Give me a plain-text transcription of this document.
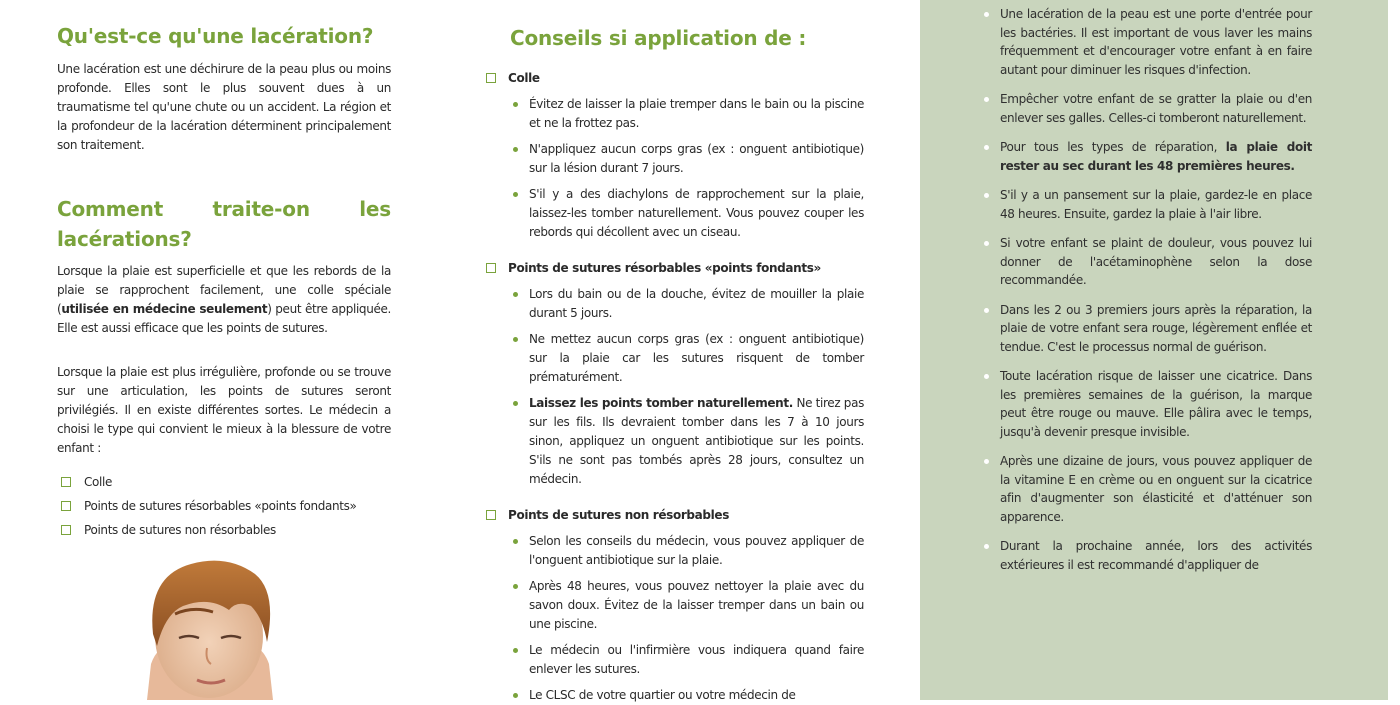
Qu'est-ce qu'une lacération?

Une lacération est une déchirure de la peau plus ou moins profonde. Elles sont le plus souvent dues à un traumatisme tel qu'une chute ou un accident. La région et la profondeur de la lacération déterminent principalement son traitement.

Comment traite-on les lacérations?

Lorsque la plaie est superficielle et que les rebords de la plaie se rapprochent facilement, une colle spéciale (utilisée en médecine seulement) peut être appliquée. Elle est aussi efficace que les points de sutures.

Lorsque la plaie est plus irrégulière, profonde ou se trouve sur une articulation, les points de sutures seront privilégiés. Il en existe différentes sortes. Le médecin a choisi le type qui convient le mieux à la blessure de votre enfant :

Colle
Points de sutures résorbables «points fondants»
Points de sutures non résorbables
Conseils si application de :
Colle
Évitez de laisser la plaie tremper dans le bain ou la piscine et ne la frottez pas.
N'appliquez aucun corps gras (ex : onguent antibiotique) sur la lésion durant 7 jours.
S'il y a des diachylons de rapprochement sur la plaie, laissez-les tomber naturellement. Vous pouvez couper les rebords qui décollent avec un ciseau.
Points de sutures résorbables «points fondants»
Lors du bain ou de la douche, évitez de mouiller la plaie durant 5 jours.
Ne mettez aucun corps gras (ex : onguent antibiotique) sur la plaie car les sutures risquent de tomber prématurément.
Laissez les points tomber naturellement. Ne tirez pas sur les fils. Ils devraient tomber dans les 7 à 10 jours sinon, appliquez un onguent antibiotique sur les points. S'ils ne sont pas tombés après 28 jours, consultez un médecin.
Points de sutures non résorbables
Selon les conseils du médecin, vous pouvez appliquer de l'onguent antibiotique sur la plaie.
Après 48 heures, vous pouvez nettoyer la plaie avec du savon doux. Évitez de la laisser tremper dans un bain ou une piscine.
Le médecin ou l'infirmière vous indiquera quand faire enlever les sutures.
Le CLSC de votre quartier ou votre médecin de
Une lacération de la peau est une porte d'entrée pour les bactéries. Il est important de vous laver les mains fréquemment et d'encourager votre enfant à en faire autant pour diminuer les risques d'infection.
Empêcher votre enfant de se gratter la plaie ou d'en enlever ses galles. Celles-ci tomberont naturellement.
Pour tous les types de réparation, la plaie doit rester au sec durant les 48 premières heures.
S'il y a un pansement sur la plaie, gardez-le en place 48 heures. Ensuite, gardez la plaie à l'air libre.
Si votre enfant se plaint de douleur, vous pouvez lui donner de l'acétaminophène selon la dose recommandée.
Dans les 2 ou 3 premiers jours après la réparation, la plaie de votre enfant sera rouge, légèrement enflée et tendue. C'est le processus normal de guérison.
Toute lacération risque de laisser une cicatrice. Dans les premières semaines de la guérison, la marque peut être rouge ou mauve. Elle pâlira avec le temps, jusqu'à devenir presque invisible.
Après une dizaine de jours, vous pouvez appliquer de la vitamine E en crème ou en onguent sur la cicatrice afin d'augmenter son élasticité et d'atténuer son apparence.
Durant la prochaine année, lors des activités extérieures il est recommandé d'appliquer de
